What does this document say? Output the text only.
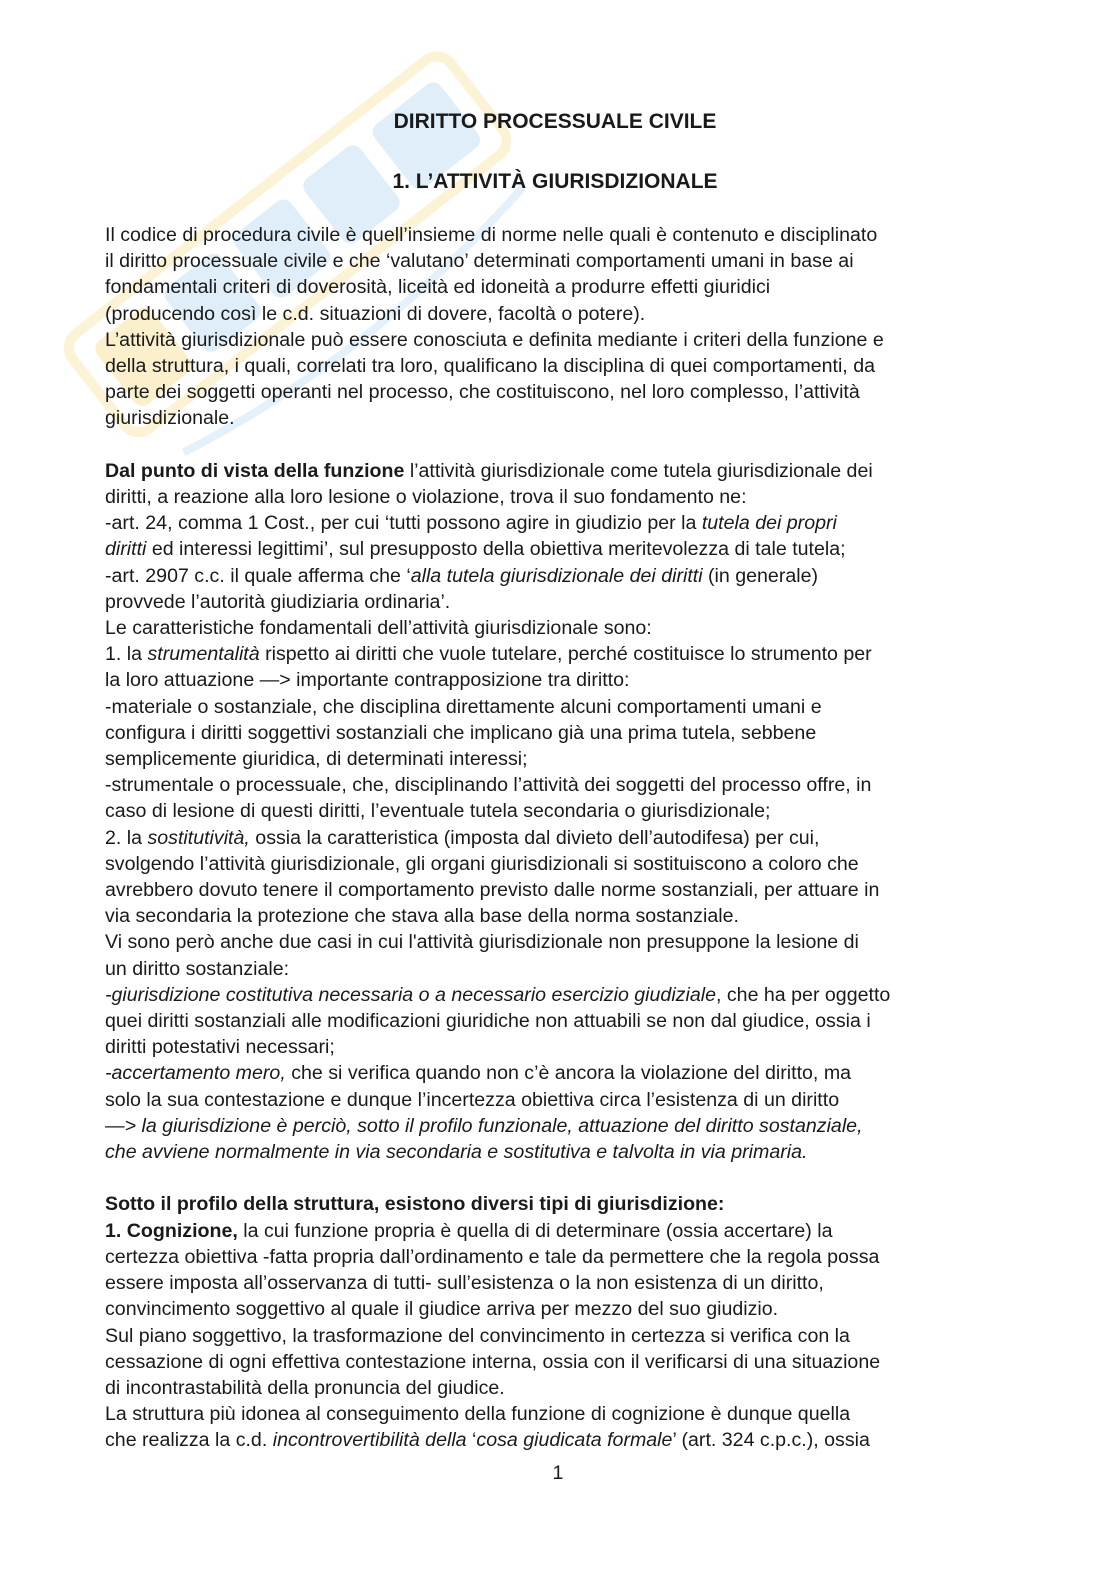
DIRITTO PROCESSUALE CIVILE
1. L’ATTIVITÀ GIURISDIZIONALE
Il codice di procedura civile è quell’insieme di norme nelle quali è contenuto e disciplinato
il diritto processuale civile e che ‘valutano’ determinati comportamenti umani in base ai
fondamentali criteri di doverosità, liceità ed idoneità a produrre effetti giuridici
(producendo così le c.d. situazioni di dovere, facoltà o potere).
L’attività giurisdizionale può essere conosciuta e definita mediante i criteri della funzione e
della struttura, i quali, correlati tra loro, qualificano la disciplina di quei comportamenti, da
parte dei soggetti operanti nel processo, che costituiscono, nel loro complesso, l’attività
giurisdizionale.
Dal punto di vista della funzione l’attività giurisdizionale come tutela giurisdizionale dei
diritti, a reazione alla loro lesione o violazione, trova il suo fondamento ne:
-art. 24, comma 1 Cost., per cui ‘tutti possono agire in giudizio per la tutela dei propri
diritti ed interessi legittimi’, sul presupposto della obiettiva meritevolezza di tale tutela;
-art. 2907 c.c. il quale afferma che ‘alla tutela giurisdizionale dei diritti (in generale)
provvede l’autorità giudiziaria ordinaria’.
Le caratteristiche fondamentali dell’attività giurisdizionale sono:
1. la strumentalità rispetto ai diritti che vuole tutelare, perché costituisce lo strumento per
la loro attuazione —> importante contrapposizione tra diritto:
-materiale o sostanziale, che disciplina direttamente alcuni comportamenti umani e
configura i diritti soggettivi sostanziali che implicano già una prima tutela, sebbene
semplicemente giuridica, di determinati interessi;
-strumentale o processuale, che, disciplinando l’attività dei soggetti del processo offre, in
caso di lesione di questi diritti, l’eventuale tutela secondaria o giurisdizionale;
2. la sostitutività, ossia la caratteristica (imposta dal divieto dell’autodifesa) per cui,
svolgendo l’attività giurisdizionale, gli organi giurisdizionali si sostituiscono a coloro che
avrebbero dovuto tenere il comportamento previsto dalle norme sostanziali, per attuare in
via secondaria la protezione che stava alla base della norma sostanziale.
Vi sono però anche due casi in cui l'attività giurisdizionale non presuppone la lesione di
un diritto sostanziale:
-giurisdizione costitutiva necessaria o a necessario esercizio giudiziale, che ha per oggetto
quei diritti sostanziali alle modificazioni giuridiche non attuabili se non dal giudice, ossia i
diritti potestativi necessari;
-accertamento mero, che si verifica quando non c’è ancora la violazione del diritto, ma
solo la sua contestazione e dunque l’incertezza obiettiva circa l’esistenza di un diritto
—> la giurisdizione è perciò, sotto il profilo funzionale, attuazione del diritto sostanziale,
che avviene normalmente in via secondaria e sostitutiva e talvolta in via primaria.
Sotto il profilo della struttura, esistono diversi tipi di giurisdizione:
1. Cognizione, la cui funzione propria è quella di di determinare (ossia accertare) la
certezza obiettiva -fatta propria dall’ordinamento e tale da permettere che la regola possa
essere imposta all’osservanza di tutti- sull’esistenza o la non esistenza di un diritto,
convincimento soggettivo al quale il giudice arriva per mezzo del suo giudizio.
Sul piano soggettivo, la trasformazione del convincimento in certezza si verifica con la
cessazione di ogni effettiva contestazione interna, ossia con il verificarsi di una situazione
di incontrastabilità della pronuncia del giudice.
La struttura più idonea al conseguimento della funzione di cognizione è dunque quella
che realizza la c.d. incontrovertibilità della ‘cosa giudicata formale’ (art. 324 c.p.c.), ossia
1
